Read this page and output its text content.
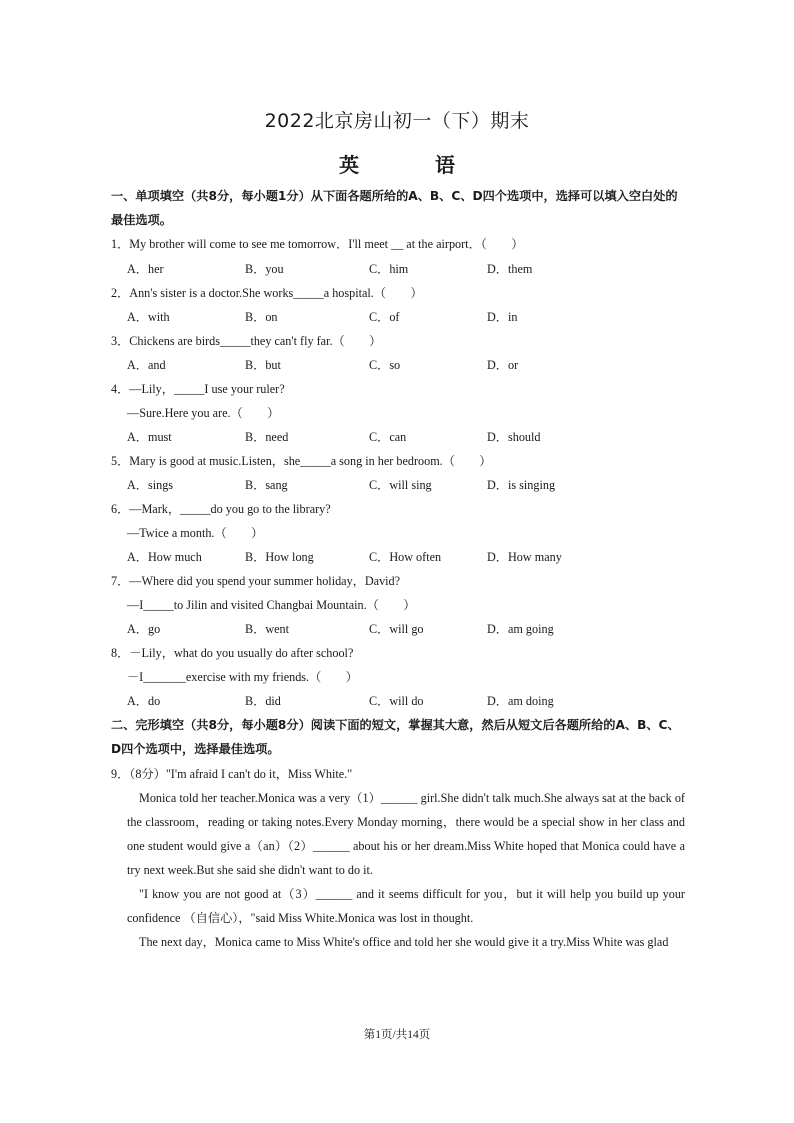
2022北京房山初一（下）期末
英　语
一、单项填空（共8分，每小题1分）从下面各题所给的A、B、C、D四个选项中，选择可以填入空白处的最佳选项。
1．My brother will come to see me tomorrow．I'll meet __ at the airport．（　　）
A．her	B．you	C．him	D．them
2．Ann's sister is a doctor.She works_____a hospital.（　　）
A．with	B．on	C．of	D．in
3．Chickens are birds_____they can't fly far.（　　）
A．and	B．but	C．so	D．or
4．—Lily，_____I use your ruler?
—Sure.Here you are.（　　）
A．must	B．need	C．can	D．should
5．Mary is good at music.Listen，she_____a song in her bedroom.（　　）
A．sings	B．sang	C．will sing	D．is singing
6．—Mark，_____do you go to the library?
—Twice a month.（　　）
A．How much	B．How long	C．How often	D．How many
7．—Where did you spend your summer holiday，David?
—I_____to Jilin and visited Changbai Mountain.（　　）
A．go	B．went	C．will go	D．am going
8．－Lily，what do you usually do after school?
－I_______exercise with my friends.（　　）
A．do	B．did	C．will do	D．am doing
二、完形填空（共8分，每小题8分）阅读下面的短文，掌握其大意，然后从短文后各题所给的A、B、C、D四个选项中，选择最佳选项。
9．（8分）"I'm afraid I can't do it，Miss White."
Monica told her teacher.Monica was a very（1）______ girl.She didn't talk much.She always sat at the back of the classroom，reading or taking notes.Every Monday morning，there would be a special show in her class and one student would give a（an）（2）______ about his or her dream.Miss White hoped that Monica could have a try next week.But she said she didn't want to do it.
"I know you are not good at（3）______ and it seems difficult for you，but it will help you build up your confidence （自信心），"said Miss White.Monica was lost in thought.
The next day，Monica came to Miss White's office and told her she would give it a try.Miss White was glad
第1页/共14页
